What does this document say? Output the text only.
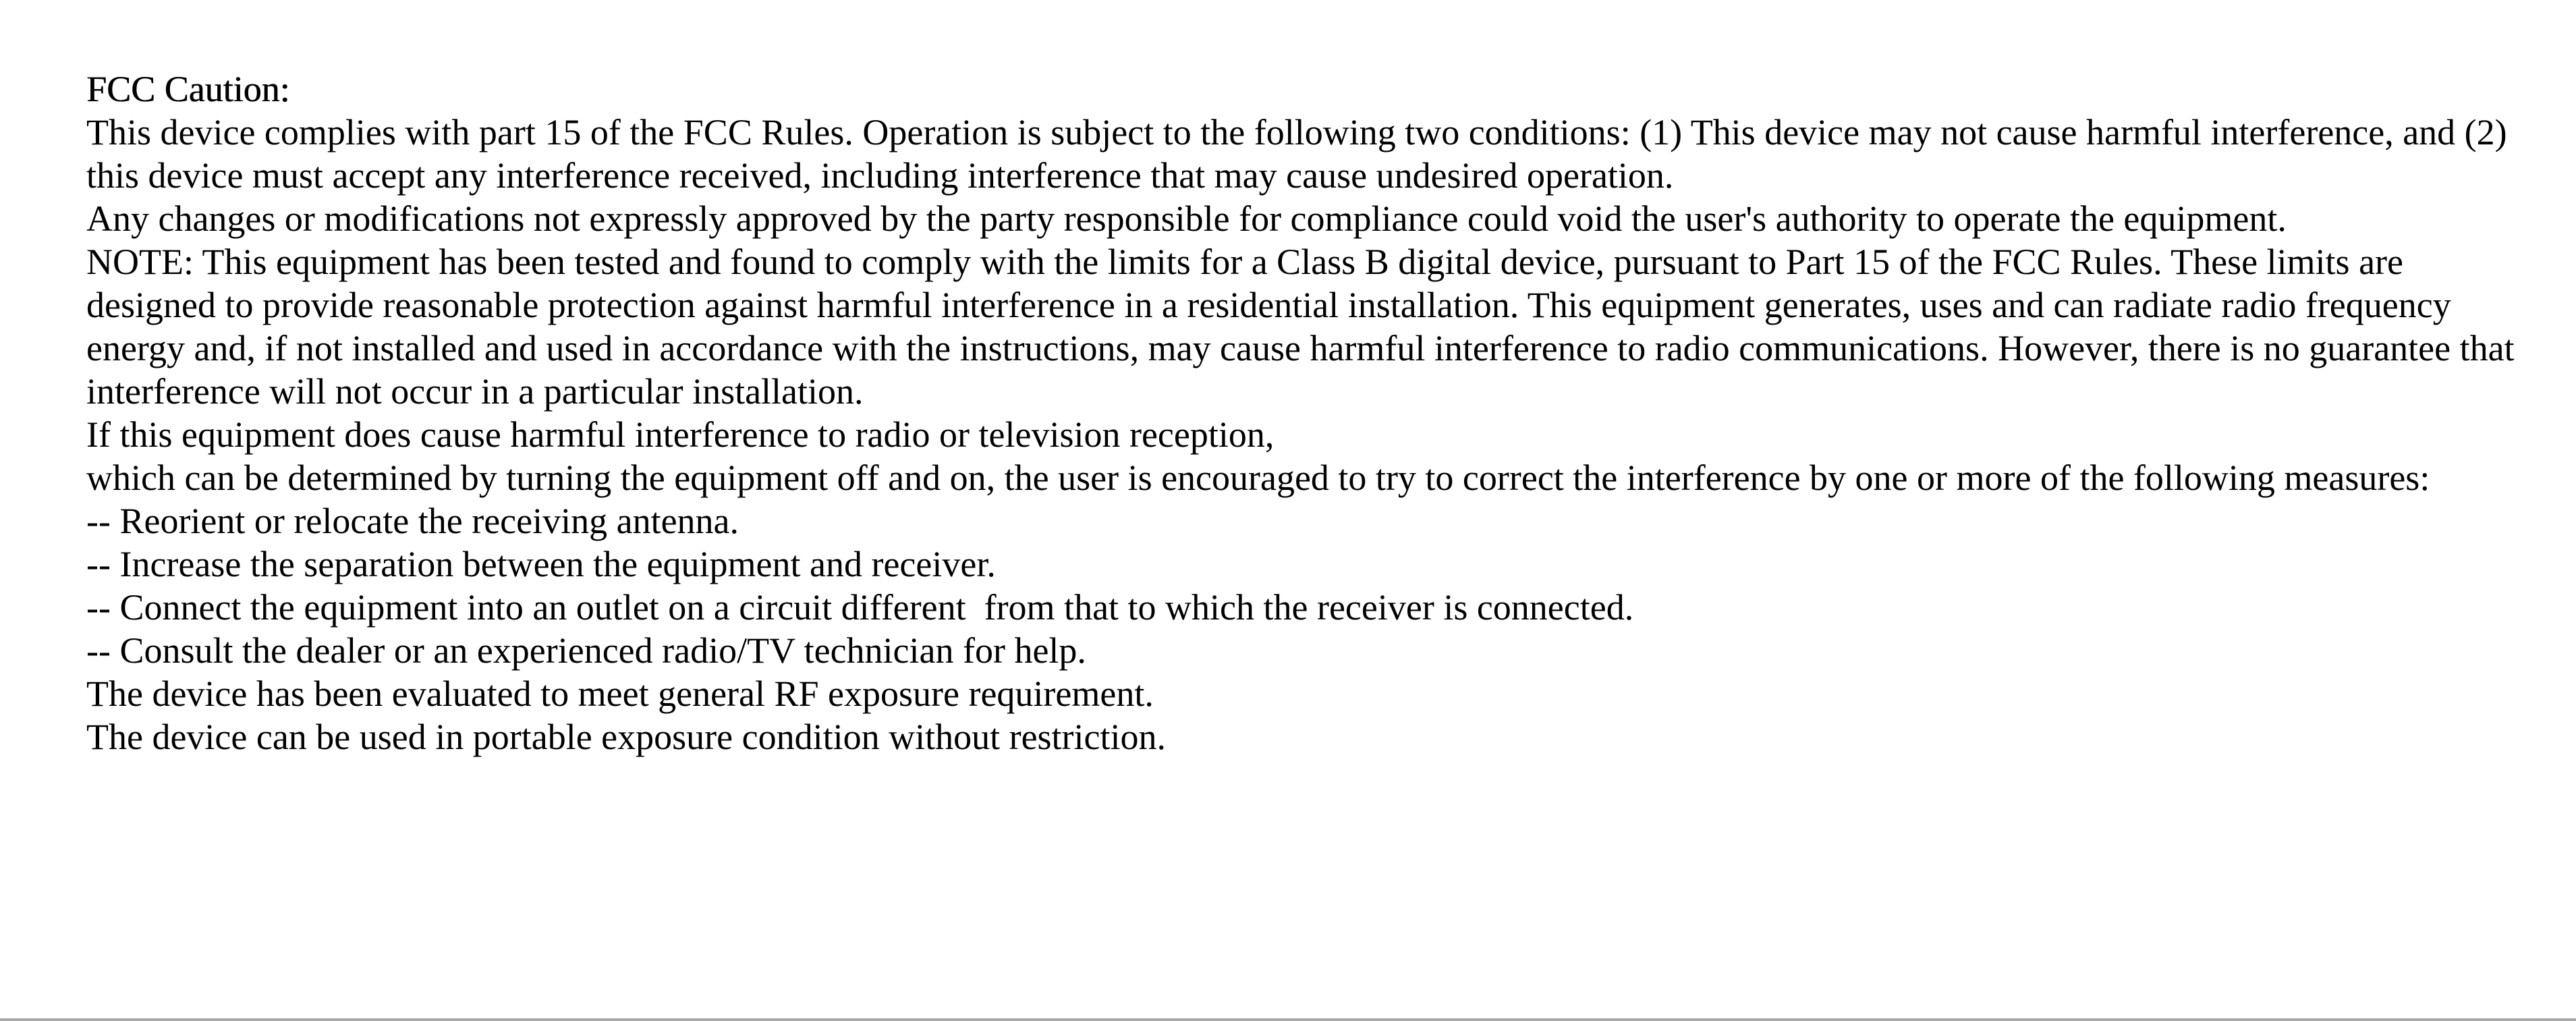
FCC Caution:

This device complies with part 15 of the FCC Rules. Operation is subject to the following two conditions: (1) This device may not cause harmful interference, and (2) this device must accept any interference received, including interference that may cause undesired operation.

Any changes or modifications not expressly approved by the party responsible for compliance could void the user's authority to operate the equipment.

NOTE: This equipment has been tested and found to comply with the limits for a Class B digital device, pursuant to Part 15 of the FCC Rules. These limits are designed to provide reasonable protection against harmful interference in a residential installation. This equipment generates, uses and can radiate radio frequency energy and, if not installed and used in accordance with the instructions, may cause harmful interference to radio communications. However, there is no guarantee that interference will not occur in a particular installation.

If this equipment does cause harmful interference to radio or television reception,

which can be determined by turning the equipment off and on, the user is encouraged to try to correct the interference by one or more of the following measures:

-- Reorient or relocate the receiving antenna.

-- Increase the separation between the equipment and receiver.

-- Connect the equipment into an outlet on a circuit different  from that to which the receiver is connected.

-- Consult the dealer or an experienced radio/TV technician for help.

The device has been evaluated to meet general RF exposure requirement.

The device can be used in portable exposure condition without restriction.
